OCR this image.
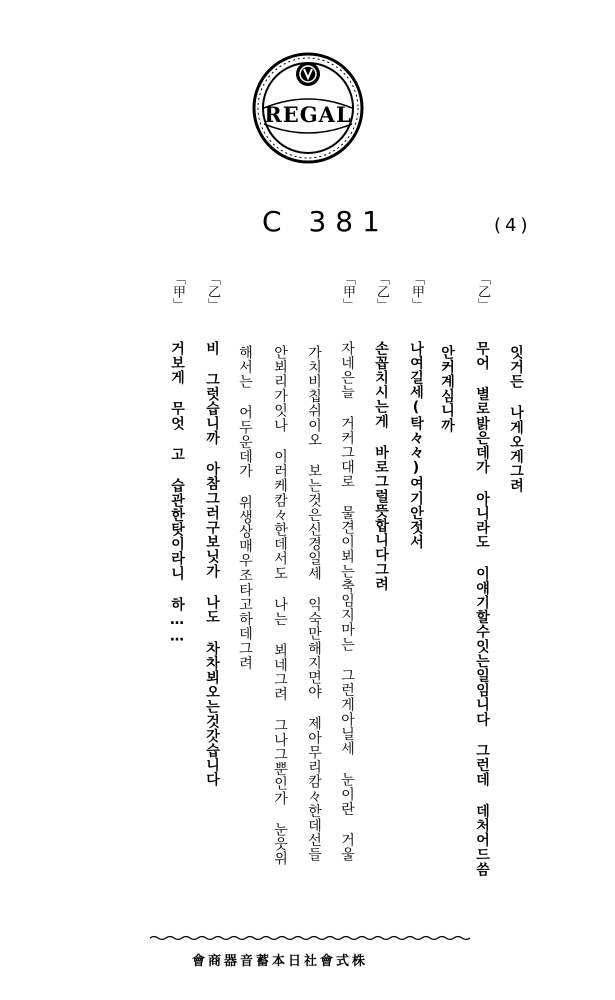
REGAL
C 381	(4)
잇거든 나게오게그려
「乙」 무어 별로밝은데가 아니라도 이얘기할수잇는일임니다 그런데 데처어드씀
안커계심니까
「乙」 손꼽치시는게 바로그럴뜻합니다그려
「甲」 나여길세(탁々々)여기안젓서
「甲」 자네은늘 거커그대로 물견이뵈는축임지마는 그런게아닐세 눈이란 거울
가치비칩쉬이오 보는것은신경일세 익숙만해지면야 제아무리캄々한데선들
안뵈리가잇나 이러케캄々한데서도 나는 뵈네그려 그나그뿐인가 눈웃위
해서는 어두운데가 위생상매우조타고하데그려
「乙」 비 그럿습니까 아참그러구보닛가 나도 차차뵈오는것갓습니다
「甲」 거보게 무엇 고 습관한탓이라니 하……
會商器音蓄本日社會式株
